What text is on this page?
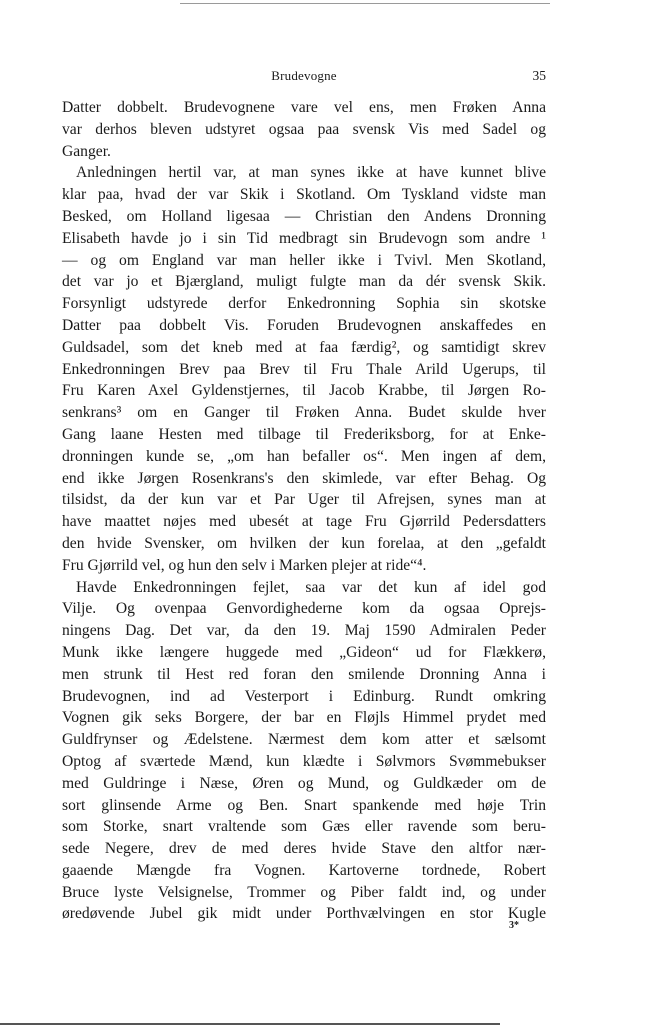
Brudevogne	35
Datter dobbelt. Brudevognene vare vel ens, men Frøken Anna
var derhos bleven udstyret ogsaa paa svensk Vis med Sadel og
Ganger.
Anledningen hertil var, at man synes ikke at have kunnet blive
klar paa, hvad der var Skik i Skotland. Om Tyskland vidste man
Besked, om Holland ligesaa — Christian den Andens Dronning
Elisabeth havde jo i sin Tid medbragt sin Brudevogn som andre ¹
— og om England var man heller ikke i Tvivl. Men Skotland,
det var jo et Bjærgland, muligt fulgte man da dér svensk Skik.
Forsynligt udstyrede derfor Enkedronning Sophia sin skotske
Datter paa dobbelt Vis. Foruden Brudevognen anskaffedes en
Guldsadel, som det kneb med at faa færdig², og samtidigt skrev
Enkedronningen Brev paa Brev til Fru Thale Arild Ugerups, til
Fru Karen Axel Gyldenstjernes, til Jacob Krabbe, til Jørgen Ro-
senkrans³ om en Ganger til Frøken Anna. Budet skulde hver
Gang laane Hesten med tilbage til Frederiksborg, for at Enke-
dronningen kunde se, „om han befaller os“. Men ingen af dem,
end ikke Jørgen Rosenkrans's den skimlede, var efter Behag. Og
tilsidst, da der kun var et Par Uger til Afrejsen, synes man at
have maattet nøjes med ubesét at tage Fru Gjørrild Pedersdatters
den hvide Svensker, om hvilken der kun forelaa, at den „gefaldt
Fru Gjørrild vel, og hun den selv i Marken plejer at ride“⁴.
Havde Enkedronningen fejlet, saa var det kun af idel god
Vilje. Og ovenpaa Genvordighederne kom da ogsaa Oprejs-
ningens Dag. Det var, da den 19. Maj 1590 Admiralen Peder
Munk ikke længere huggede med „Gideon“ ud for Flækkerø,
men strunk til Hest red foran den smilende Dronning Anna i
Brudevognen, ind ad Vesterport i Edinburg. Rundt omkring
Vognen gik seks Borgere, der bar en Fløjls Himmel prydet med
Guldfrynser og Ædelstene. Nærmest dem kom atter et sælsomt
Optog af sværtede Mænd, kun klædte i Sølvmors Svømmebukser
med Guldringe i Næse, Øren og Mund, og Guldkæder om de
sort glinsende Arme og Ben. Snart spankende med høje Trin
som Storke, snart vraltende som Gæs eller ravende som beru-
sede Negere, drev de med deres hvide Stave den altfor nær-
gaaende Mængde fra Vognen. Kartoverne tordnede, Robert
Bruce lyste Velsignelse, Trommer og Piber faldt ind, og under
øredøvende Jubel gik midt under Porthvælvingen en stor Kugle
3*
